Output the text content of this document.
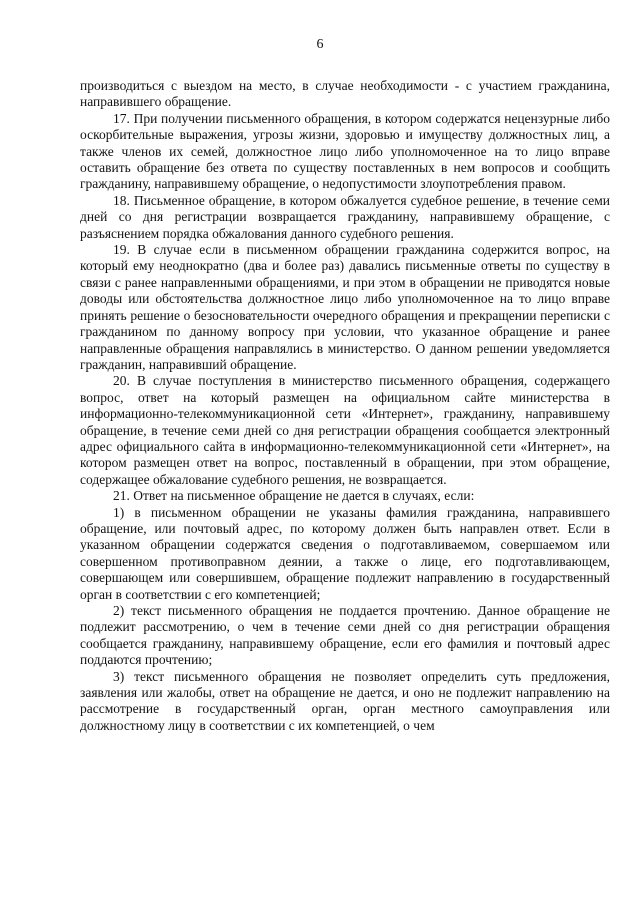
6

производиться с выездом на место, в случае необходимости - с участием гражданина, направившего обращение.

17. При получении письменного обращения, в котором содержатся нецензурные либо оскорбительные выражения, угрозы жизни, здоровью и имуществу должностных лиц, а также членов их семей, должностное лицо либо уполномоченное на то лицо вправе оставить обращение без ответа по существу поставленных в нем вопросов и сообщить гражданину, направившему обращение, о недопустимости злоупотребления правом.

18. Письменное обращение, в котором обжалуется судебное решение, в течение семи дней со дня регистрации возвращается гражданину, направившему обращение, с разъяснением порядка обжалования данного судебного решения.

19. В случае если в письменном обращении гражданина содержится вопрос, на который ему неоднократно (два и более раз) давались письменные ответы по существу в связи с ранее направленными обращениями, и при этом в обращении не приводятся новые доводы или обстоятельства должностное лицо либо уполномоченное на то лицо вправе принять решение о безосновательности очередного обращения и прекращении переписки с гражданином по данному вопросу при условии, что указанное обращение и ранее направленные обращения направлялись в министерство. О данном решении уведомляется гражданин, направивший обращение.

20. В случае поступления в министерство письменного обращения, содержащего вопрос, ответ на который размещен на официальном сайте министерства в информационно-телекоммуникационной сети «Интернет», гражданину, направившему обращение, в течение семи дней со дня регистрации обращения сообщается электронный адрес официального сайта в информационно-телекоммуникационной сети «Интернет», на котором размещен ответ на вопрос, поставленный в обращении, при этом обращение, содержащее обжалование судебного решения, не возвращается.

21. Ответ на письменное обращение не дается в случаях, если:

1) в письменном обращении не указаны фамилия гражданина, направившего обращение, или почтовый адрес, по которому должен быть направлен ответ. Если в указанном обращении содержатся сведения о подготавливаемом, совершаемом или совершенном противоправном деянии, а также о лице, его подготавливающем, совершающем или совершившем, обращение подлежит направлению в государственный орган в соответствии с его компетенцией;

2) текст письменного обращения не поддается прочтению. Данное обращение не подлежит рассмотрению, о чем в течение семи дней со дня регистрации обращения сообщается гражданину, направившему обращение, если его фамилия и почтовый адрес поддаются прочтению;

3) текст письменного обращения не позволяет определить суть предложения, заявления или жалобы, ответ на обращение не дается, и оно не подлежит направлению на рассмотрение в государственный орган, орган местного самоуправления или должностному лицу в соответствии с их компетенцией, о чем
